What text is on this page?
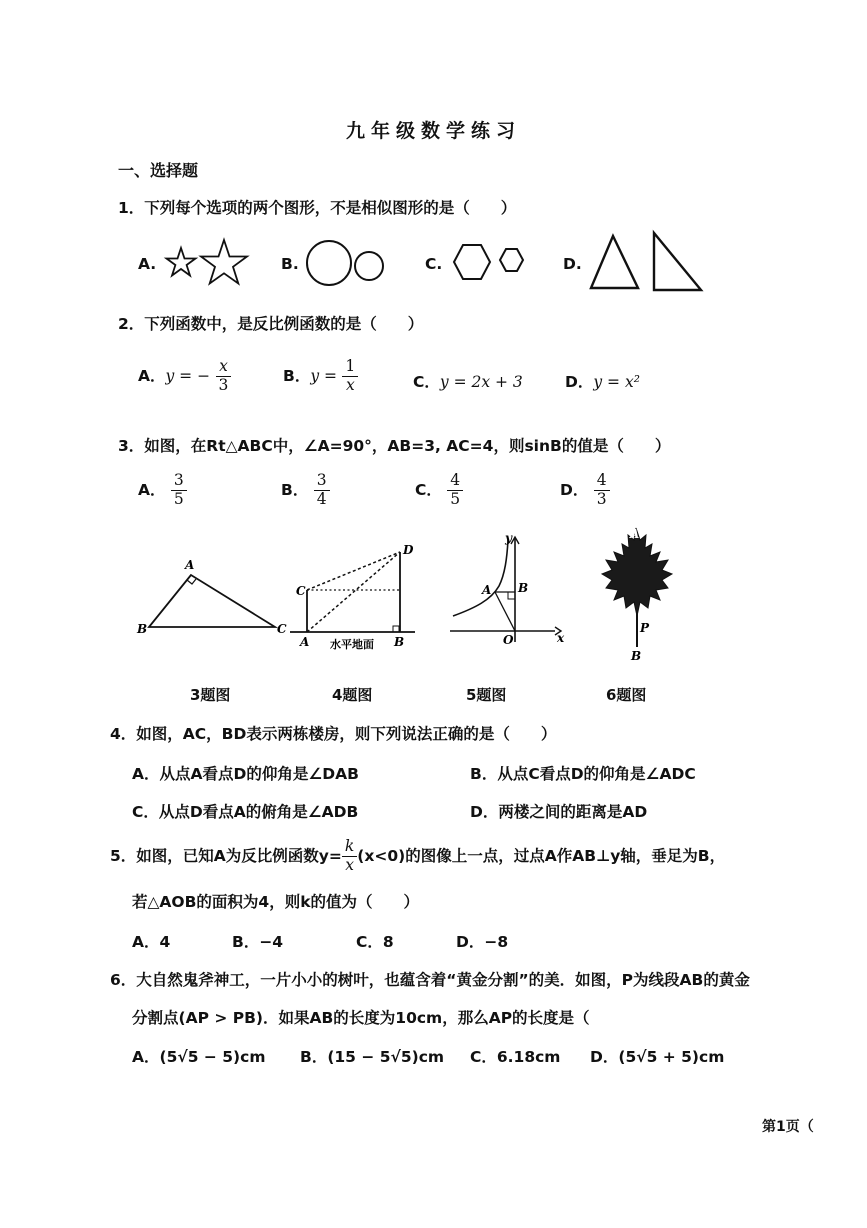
九年级数学练习
一、选择题
1．下列每个选项的两个图形，不是相似图形的是（　　）
A.	B.	C.	D.
2．下列函数中，是反比例函数的是（　　）
A．y = − $\frac{x}{3}$	B．$y = \frac{1}{x}$	C．y = 2x + 3	D．y = x²
3．如图，在Rt△ABC中，∠A=90°，AB=3, AC=4，则sinB的值是（　　）
A． $\frac{3}{5}$	B． $\frac{3}{4}$	C． $\frac{4}{5}$	D． $\frac{4}{3}$
A
B	C
3题图
D
C
A	B
水平地面
4题图
y
A B
O	x
5题图
A
P
B
6题图
4．如图，AC，BD表示两栋楼房，则下列说法正确的是（　　）
A．从点A看点D的仰角是∠DAB	B．从点C看点D的仰角是∠ADC
C．从点D看点A的俯角是∠ADB	D．两楼之间的距离是AD
5．如图，已知A为反比例函数$y= \frac{k}{x} (x<0)$的图像上一点，过点A作AB⊥y轴，垂足为B，
若△AOB的面积为4，则k的值为（　　）
A．4	B．−4	C．8	D．−8
6．大自然鬼斧神工，一片小小的树叶，也蕴含着“黄金分割”的美．如图，P为线段AB的黄金
分割点(AP > PB)．如果AB的长度为10cm，那么AP的长度是（
A．(5√5 − 5)cm B．(15 − 5√5)cm C．6.18cm D．(5√5 + 5)cm
第1页（
